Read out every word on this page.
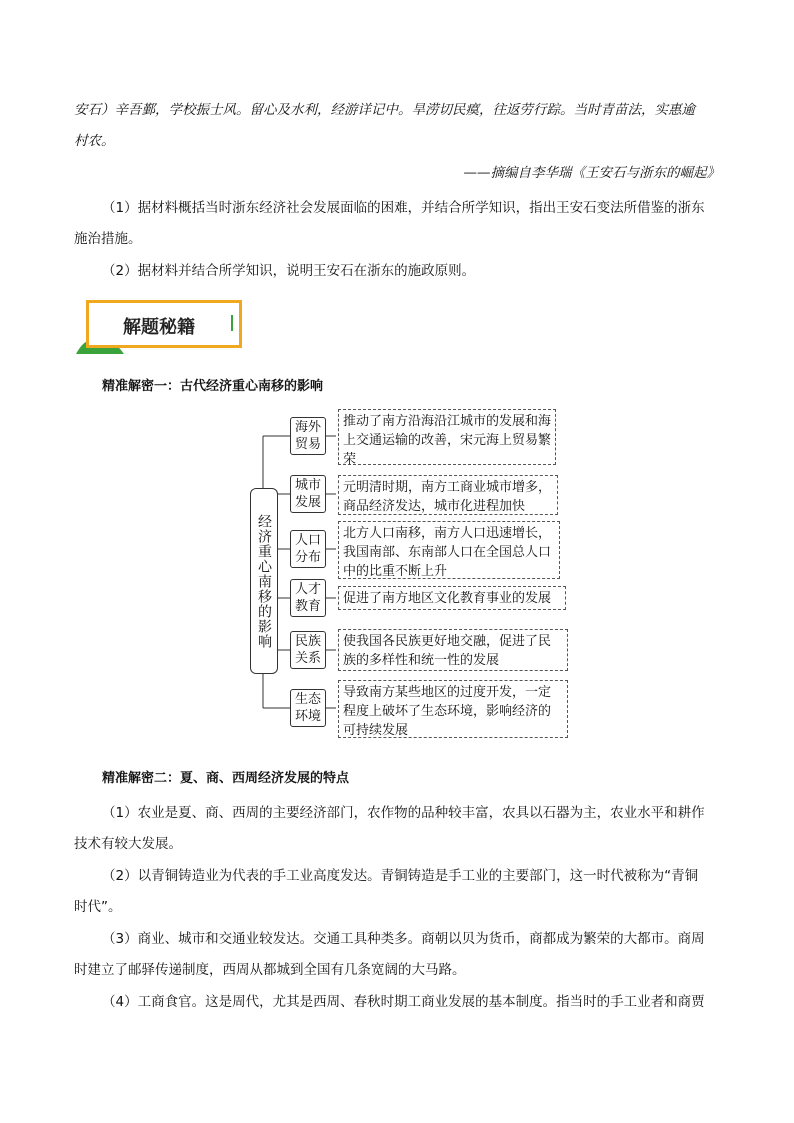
安石）辛吾鄞，学校振士风。留心及水利，经游详记中。旱涝切民瘼，往返劳行踪。当时青苗法，实惠逾
村农。
——摘编自李华瑞《王安石与浙东的崛起》
（1）据材料概括当时浙东经济社会发展面临的困难，并结合所学知识，指出王安石变法所借鉴的浙东
施治措施。
（2）据材料并结合所学知识，说明王安石在浙东的施政原则。
解题秘籍
精准解密一：古代经济重心南移的影响
经济重心南移的影响
海外贸易
推动了南方沿海沿江城市的发展和海上交通运输的改善，宋元海上贸易繁荣
城市发展
元明清时期，南方工商业城市增多，商品经济发达，城市化进程加快
人口分布
北方人口南移，南方人口迅速增长，我国南部、东南部人口在全国总人口中的比重不断上升
人才教育
促进了南方地区文化教育事业的发展
民族关系
使我国各民族更好地交融，促进了民族的多样性和统一性的发展
生态环境
导致南方某些地区的过度开发，一定程度上破坏了生态环境，影响经济的可持续发展
精准解密二：夏、商、西周经济发展的特点
（1）农业是夏、商、西周的主要经济部门，农作物的品种较丰富，农具以石器为主，农业水平和耕作
技术有较大发展。
（2）以青铜铸造业为代表的手工业高度发达。青铜铸造是手工业的主要部门，这一时代被称为“青铜
时代”。
（3）商业、城市和交通业较发达。交通工具种类多。商朝以贝为货币，商都成为繁荣的大都市。商周
时建立了邮驿传递制度，西周从都城到全国有几条宽阔的大马路。
（4）工商食官。这是周代，尤其是西周、春秋时期工商业发展的基本制度。指当时的手工业者和商贾
